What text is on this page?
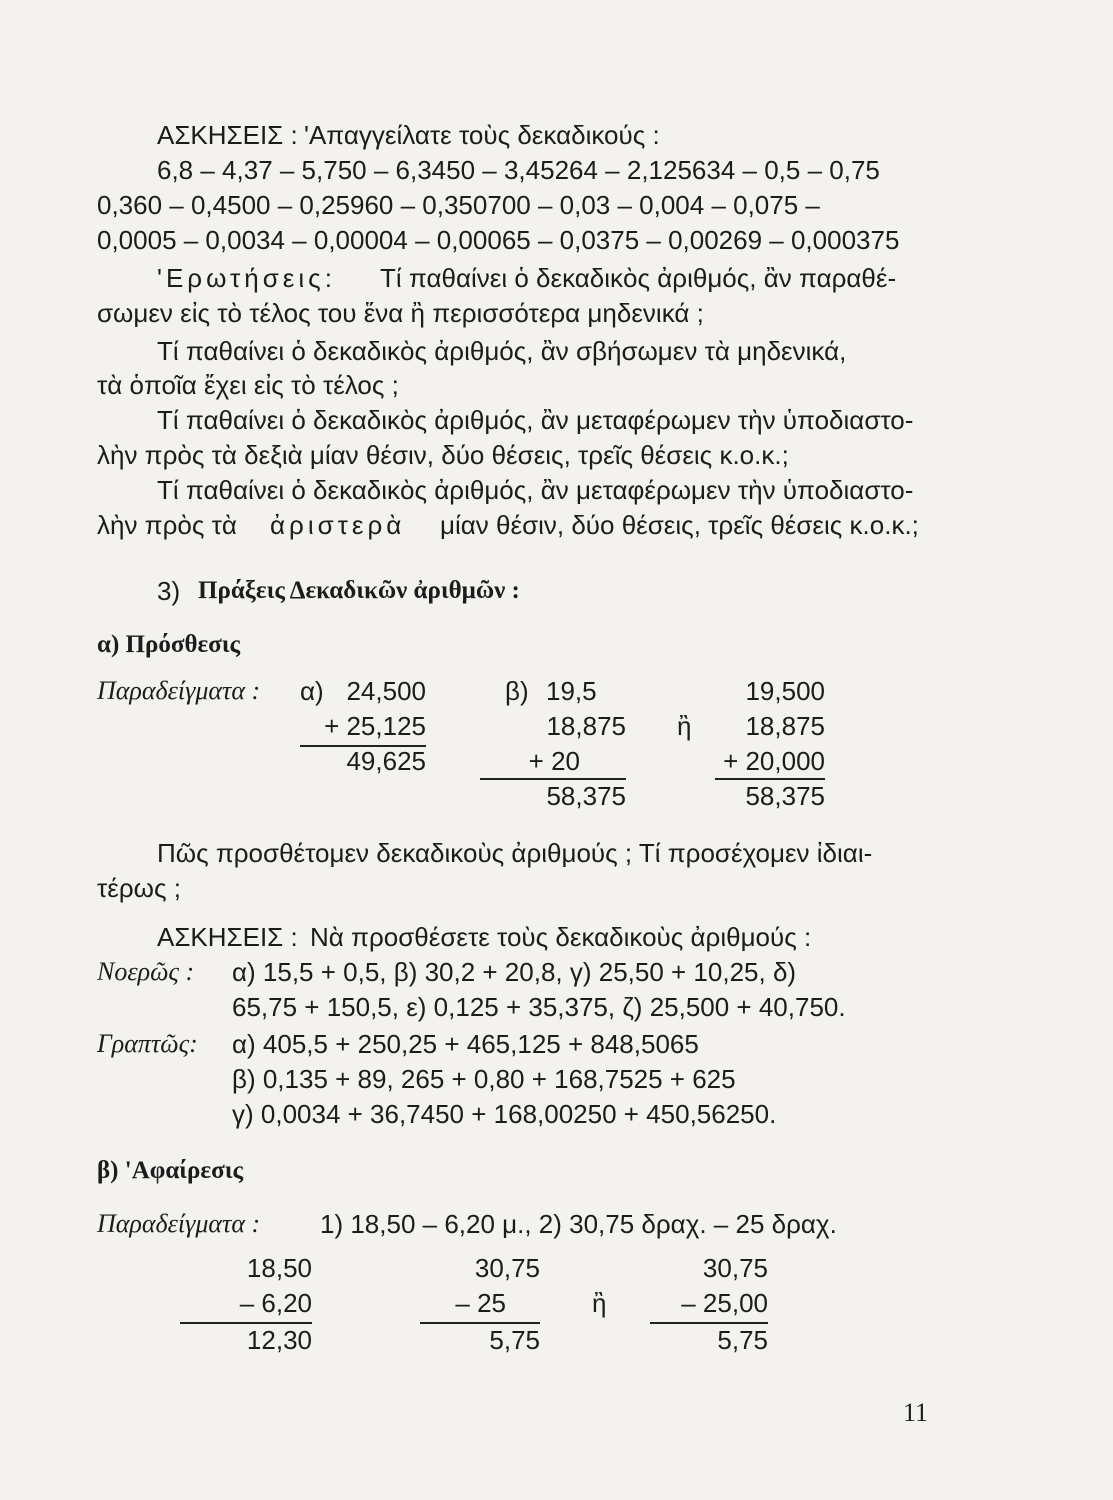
ΑΣΚΗΣΕΙΣ : 'Απαγγείλατε τοὺς δεκαδικούς :
6,8 – 4,37 – 5,750 – 6,3450 – 3,45264 – 2,125634 – 0,5 – 0,75
0,360 – 0,4500 – 0,25960 – 0,350700 – 0,03 – 0,004 – 0,075 –
0,0005 – 0,0034 – 0,00004 – 0,00065 – 0,0375 – 0,00269 – 0,000375
'Ερωτήσεις: Τί παθαίνει ὁ δεκαδικὸς ἀριθμός, ἂν παραθέ-
σωμεν εἰς τὸ τέλος του ἕνα ἢ περισσότερα μηδενικά ;
Τί παθαίνει ὁ δεκαδικὸς ἀριθμός, ἂν σβήσωμεν τὰ μηδενικά,
τὰ ὁποῖα ἔχει εἰς τὸ τέλος ;
Τί παθαίνει ὁ δεκαδικὸς ἀριθμός, ἂν μεταφέρωμεν τὴν ὑποδιαστο-
λὴν πρὸς τὰ δεξιὰ μίαν θέσιν, δύο θέσεις, τρεῖς θέσεις κ.ο.κ.;
Τί παθαίνει ὁ δεκαδικὸς ἀριθμός, ἂν μεταφέρωμεν τὴν ὑποδιαστο-
λὴν πρὸς τὰ ἀριστερὰ μίαν θέσιν, δύο θέσεις, τρεῖς θέσεις κ.ο.κ.;
3) Πράξεις Δεκαδικῶν ἀριθμῶν :
α) Πρόσθεσις
Παραδείγματα : α) 24,500
+ 25,125
49,625
β) 19,5
18,875
+ 20
58,375
ἢ
19,500
18,875
+ 20,000
58,375
Πῶς προσθέτομεν δεκαδικοὺς ἀριθμούς ; Τί προσέχομεν ἰδιαι-
τέρως ;
ΑΣΚΗΣΕΙΣ : Νὰ προσθέσετε τοὺς δεκαδικοὺς ἀριθμούς :
Νοερῶς : α) 15,5 + 0,5, β) 30,2 + 20,8, γ) 25,50 + 10,25, δ)
65,75 + 150,5, ε) 0,125 + 35,375, ζ) 25,500 + 40,750.
Γραπτῶς: α) 405,5 + 250,25 + 465,125 + 848,5065
β) 0,135 + 89, 265 + 0,80 + 168,7525 + 625
γ) 0,0034 + 36,7450 + 168,00250 + 450,56250.
β) 'Αφαίρεσις
Παραδείγματα : 1) 18,50 – 6,20 μ., 2) 30,75 δραχ. – 25 δραχ.
18,50
– 6,20
12,30
30,75
– 25
5,75
ἢ
30,75
– 25,00
5,75
11
